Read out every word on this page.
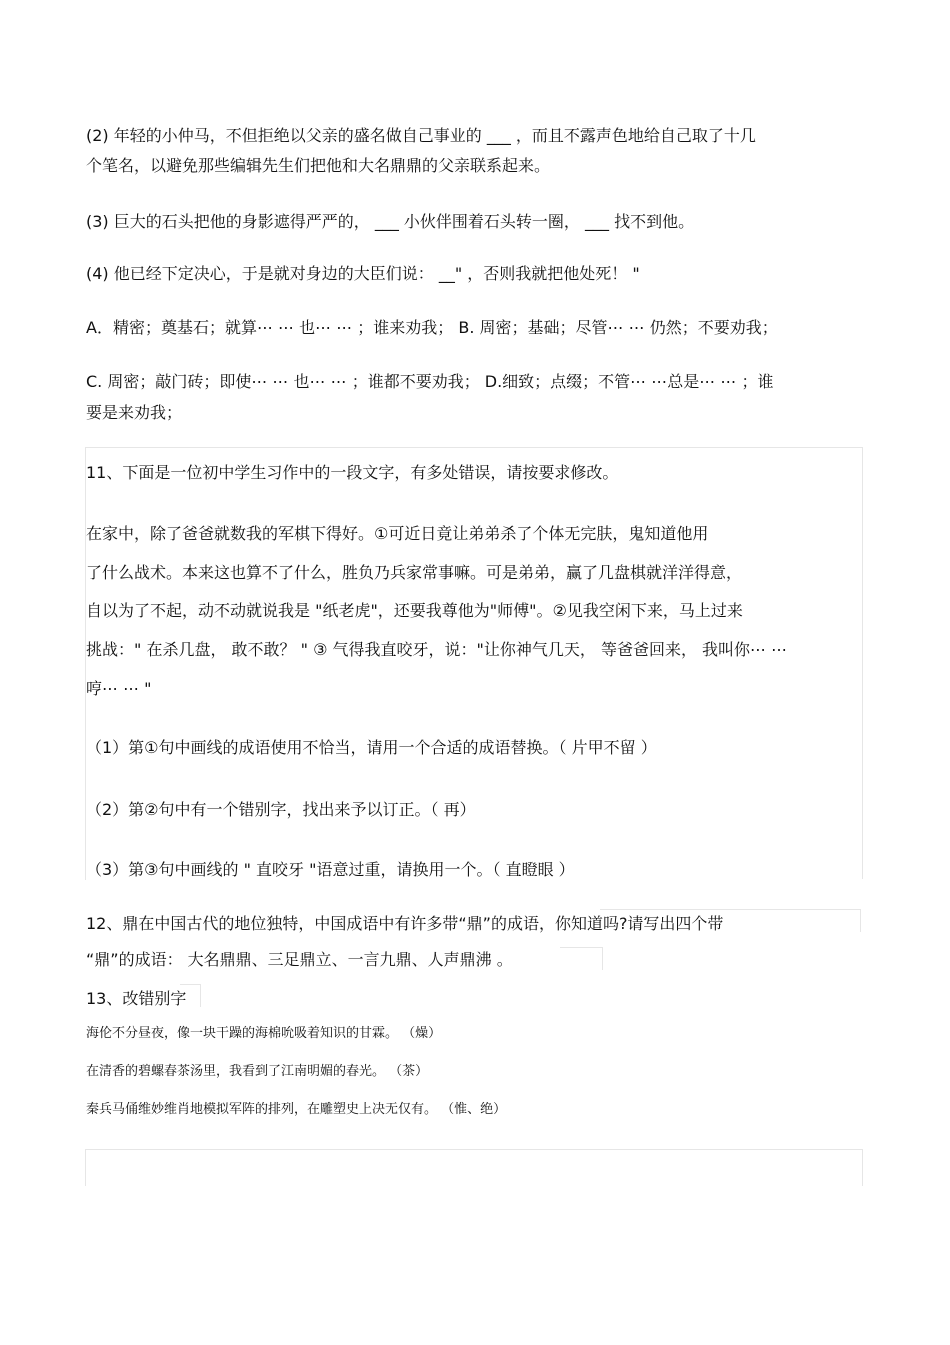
(2) 年轻的小仲马，不但拒绝以父亲的盛名做自己事业的 ___ ，而且不露声色地给自己取了十几
个笔名，以避免那些编辑先生们把他和大名鼎鼎的父亲联系起来。
(3) 巨大的石头把他的身影遮得严严的， ___ 小伙伴围着石头转一圈， ___ 找不到他。
(4) 他已经下定决心，于是就对身边的大臣们说： __" ，否则我就把他处死！ "
A．精密；奠基石；就算⋯ ⋯ 也⋯ ⋯ ；谁来劝我； B. 周密；基础；尽管⋯ ⋯ 仍然；不要劝我；
C. 周密；敲门砖；即使⋯ ⋯ 也⋯ ⋯ ；谁都不要劝我； D.细致；点缀；不管⋯ ⋯总是⋯ ⋯ ；谁
要是来劝我；
11、下面是一位初中学生习作中的一段文字，有多处错误，请按要求修改。
在家中，除了爸爸就数我的军棋下得好。①可近日竟让弟弟杀了个体无完肤，鬼知道他用
了什么战术。本来这也算不了什么，胜负乃兵家常事嘛。可是弟弟，赢了几盘棋就洋洋得意，
自以为了不起，动不动就说我是 "纸老虎"，还要我尊他为"师傅"。②见我空闲下来，马上过来
挑战：" 在杀几盘， 敢不敢？ " ③ 气得我直咬牙，说："让你神气几天， 等爸爸回来， 我叫你⋯ ⋯
哼⋯ ⋯ "
（1）第①句中画线的成语使用不恰当，请用一个合适的成语替换。（ 片甲不留 ）
（2）第②句中有一个错别字，找出来予以订正。（ 再）
（3）第③句中画线的 " 直咬牙 "语意过重，请换用一个。（ 直瞪眼 ）
12、鼎在中国古代的地位独特，中国成语中有许多带“鼎”的成语，你知道吗?请写出四个带
“鼎”的成语： 大名鼎鼎、三足鼎立、一言九鼎、人声鼎沸 。
13、改错别字
海伦不分昼夜，像一块干躁的海棉吮吸着知识的甘霖。 （燥）
在清香的碧螺春茶汤里，我看到了江南明媚的春光。 （茶）
秦兵马俑维妙维肖地模拟军阵的排列，在雕塑史上决无仅有。 （惟、绝）
